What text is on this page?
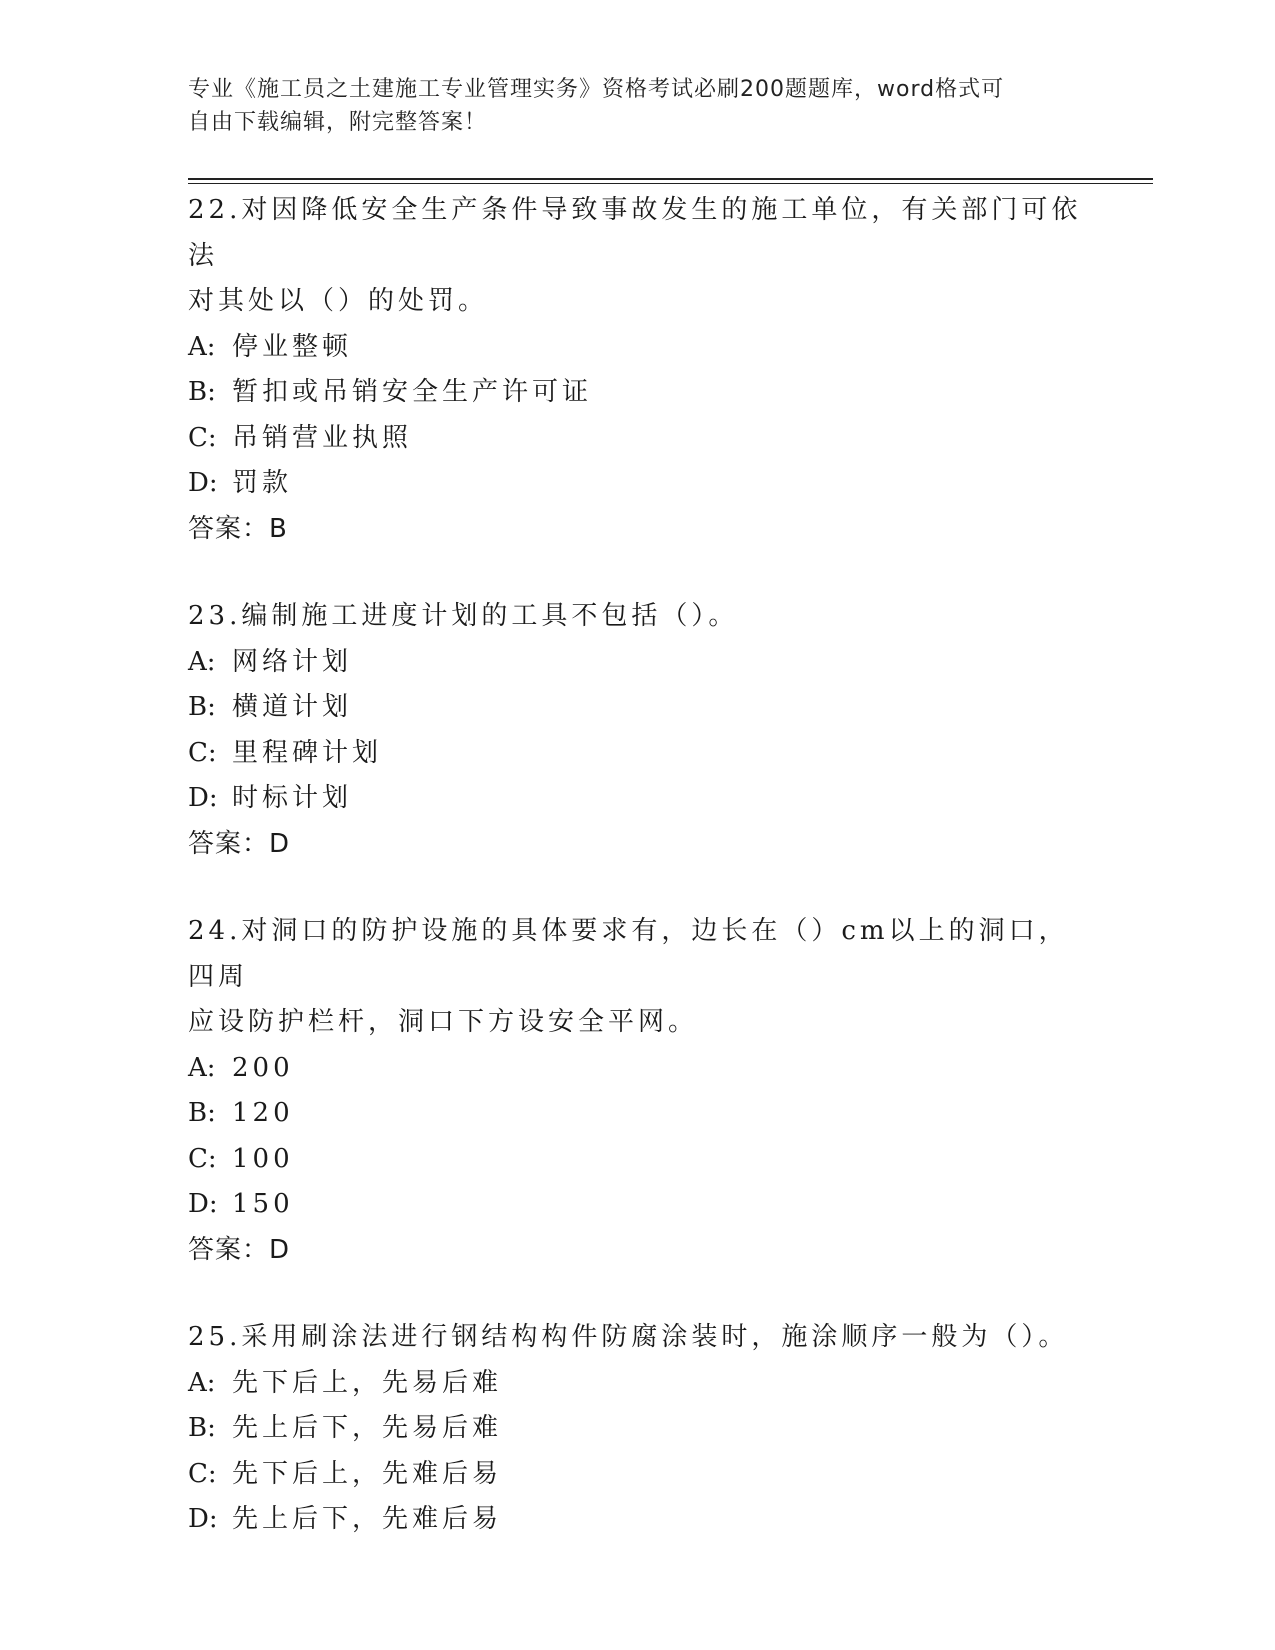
专业《施工员之土建施工专业管理实务》资格考试必刷200题题库，word格式可
自由下载编辑，附完整答案！

22.对因降低安全生产条件导致事故发生的施工单位，有关部门可依法

对其处以（）的处罚。

A: 停业整顿
B: 暂扣或吊销安全生产许可证
C: 吊销营业执照
D: 罚款

答案：B

23.编制施工进度计划的工具不包括（）。

A: 网络计划
B: 横道计划
C: 里程碑计划
D: 时标计划

答案：D

24.对洞口的防护设施的具体要求有，边长在（）cm以上的洞口，四周

应设防护栏杆，洞口下方设安全平网。

A: 200
B: 120
C: 100
D: 150

答案：D

25.采用刷涂法进行钢结构构件防腐涂装时，施涂顺序一般为（）。

A: 先下后上，先易后难
B: 先上后下，先易后难
C: 先下后上，先难后易
D: 先上后下，先难后易
